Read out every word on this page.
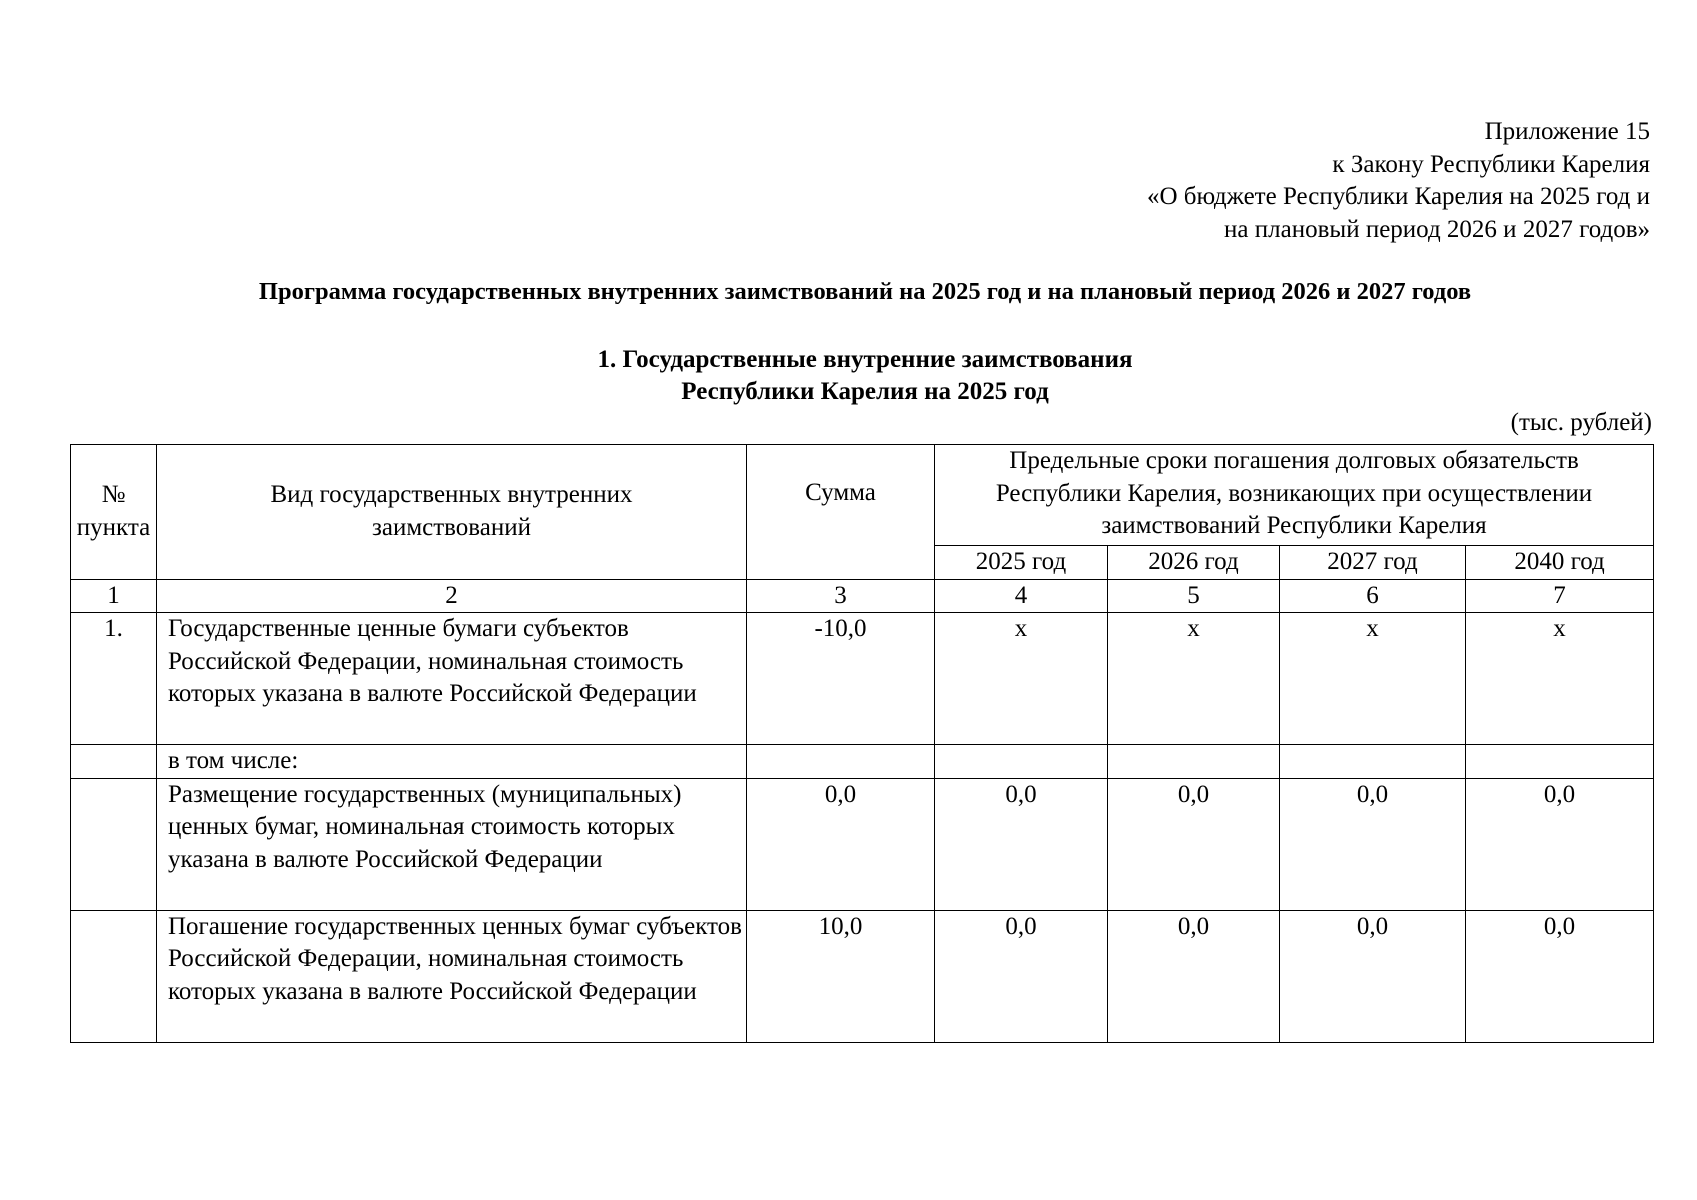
Приложение 15
к Закону Республики Карелия
«О бюджете Республики Карелия на 2025 год и
на плановый период 2026 и 2027 годов»
Программа государственных внутренних заимствований на 2025 год и на плановый период 2026 и 2027 годов
1. Государственные внутренние заимствования
Республики Карелия на 2025 год
(тыс. рублей)
№ пункта	Вид государственных внутренних заимствований	Сумма	Предельные сроки погашения долговых обязательств Республики Карелия, возникающих при осуществлении заимствований Республики Карелия			
			2025 год	2026 год	2027 год	2040 год
1	2	3	4	5	6	7
1.	Государственные ценные бумаги субъектов Российской Федерации, номинальная стоимость которых указана в валюте Российской Федерации	-10,0	х	х	х	х
	в том числе:					
	Размещение государственных (муниципальных) ценных бумаг, номинальная стоимость которых указана в валюте Российской Федерации	0,0	0,0	0,0	0,0	0,0
	Погашение государственных ценных бумаг субъектов Российской Федерации, номинальная стоимость которых указана в валюте Российской Федерации	10,0	0,0	0,0	0,0	0,0
